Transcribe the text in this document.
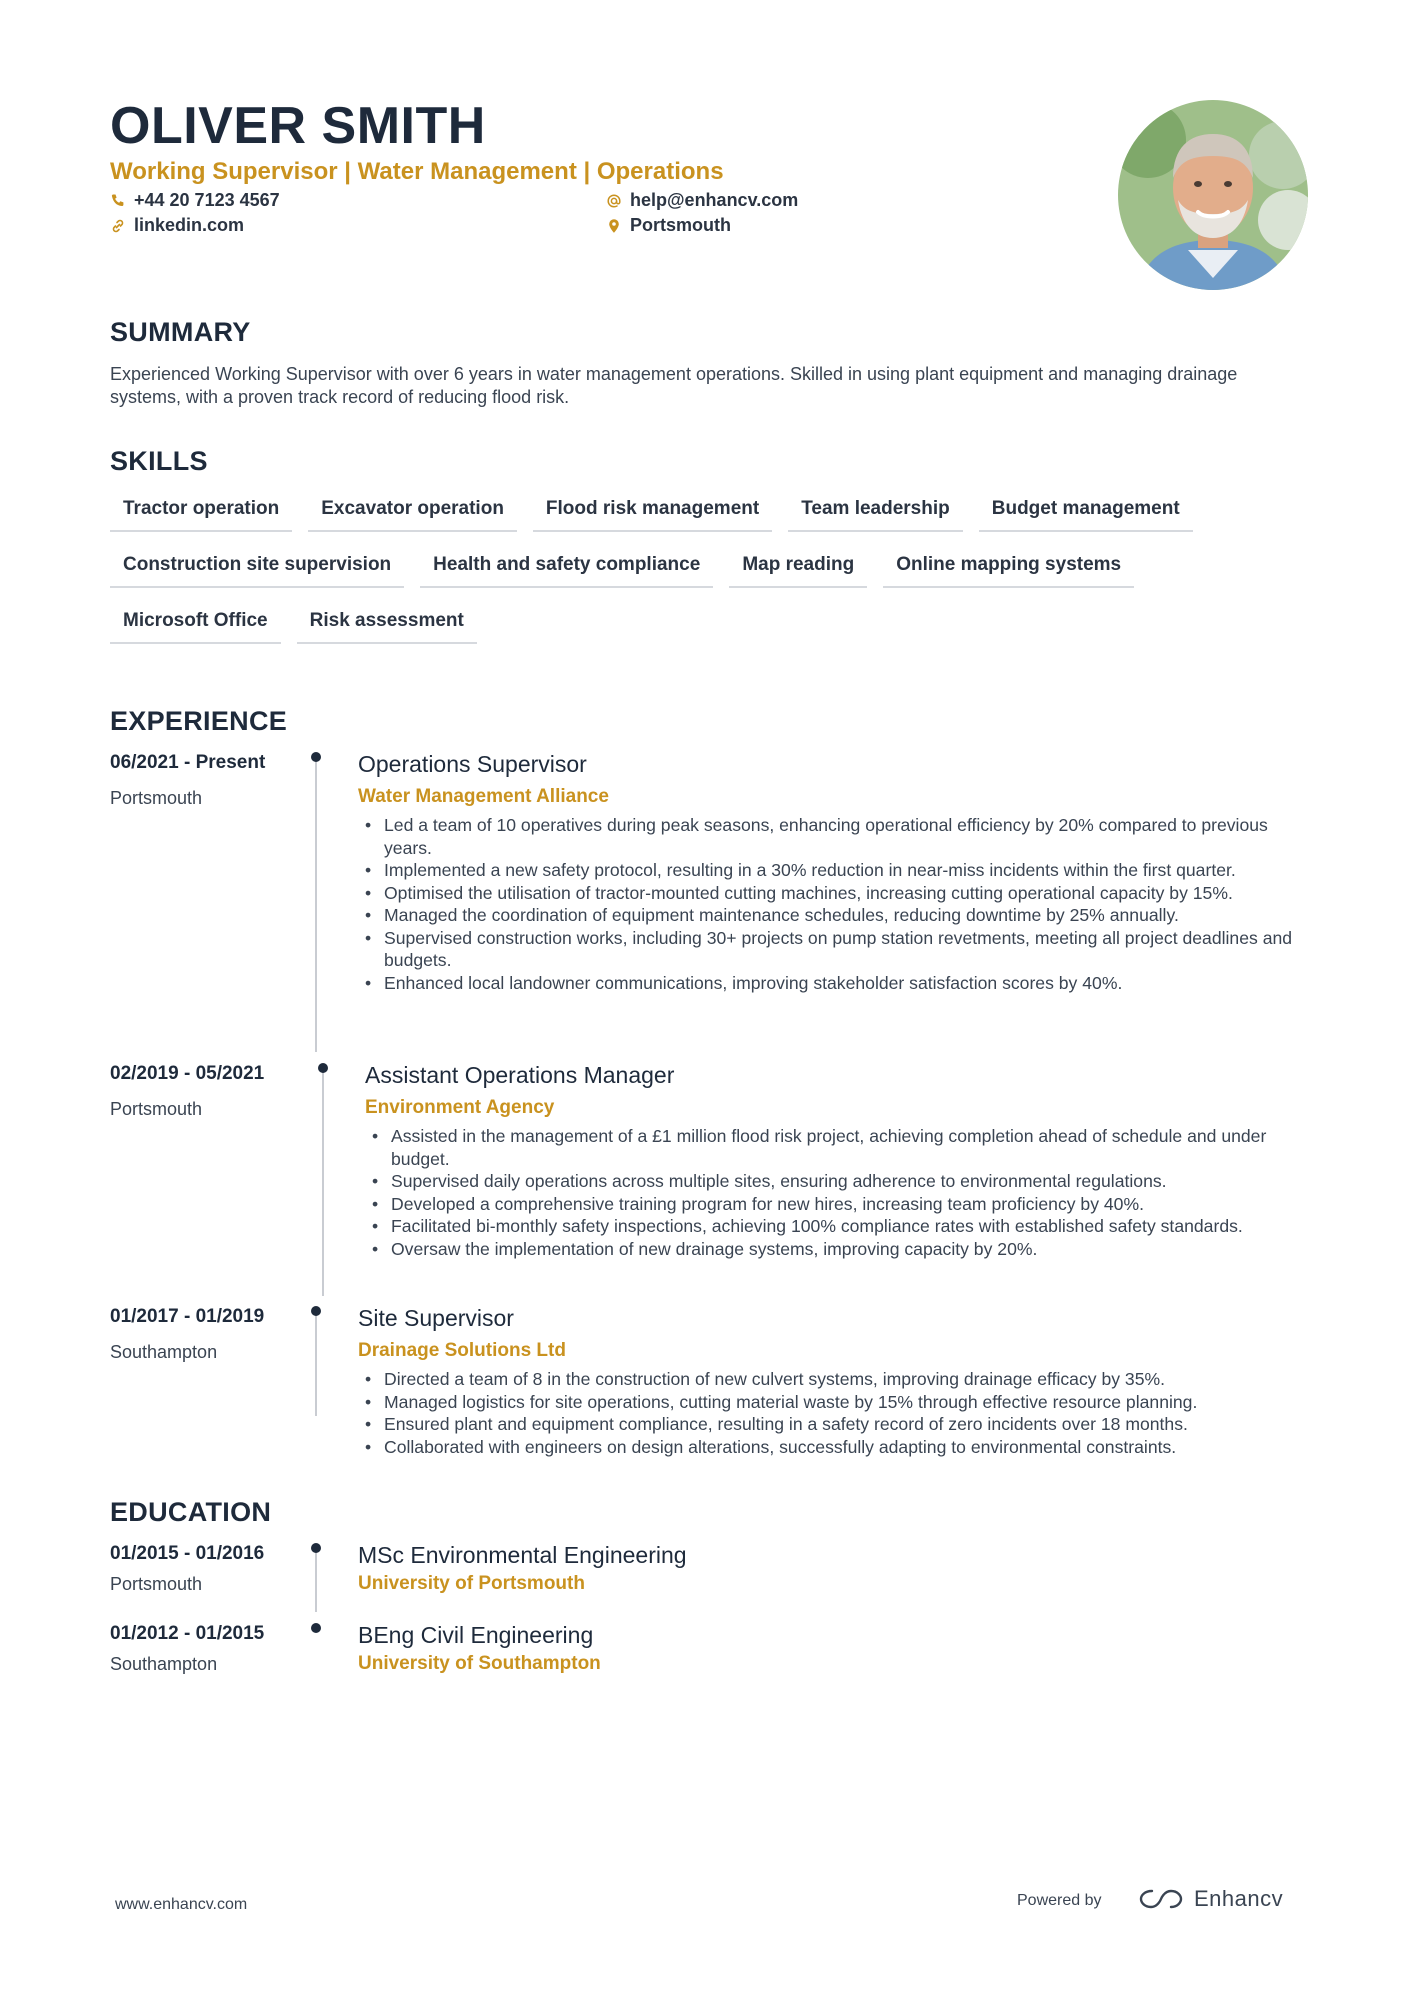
OLIVER SMITH
Working Supervisor | Water Management | Operations
+44 20 7123 4567
linkedin.com
help@enhancv.com
Portsmouth
SUMMARY
Experienced Working Supervisor with over 6 years in water management operations. Skilled in using plant equipment and managing drainage systems, with a proven track record of reducing flood risk.
SKILLS
Tractor operation	Excavator operation	Flood risk management	Team leadership	Budget management
Construction site supervision	Health and safety compliance	Map reading	Online mapping systems
Microsoft Office	Risk assessment
EXPERIENCE
06/2021 - Present
Portsmouth
Operations Supervisor
Water Management Alliance
• Led a team of 10 operatives during peak seasons, enhancing operational efficiency by 20% compared to previous years.
• Implemented a new safety protocol, resulting in a 30% reduction in near-miss incidents within the first quarter.
• Optimised the utilisation of tractor-mounted cutting machines, increasing cutting operational capacity by 15%.
• Managed the coordination of equipment maintenance schedules, reducing downtime by 25% annually.
• Supervised construction works, including 30+ projects on pump station revetments, meeting all project deadlines and budgets.
• Enhanced local landowner communications, improving stakeholder satisfaction scores by 40%.
02/2019 - 05/2021
Portsmouth
Assistant Operations Manager
Environment Agency
• Assisted in the management of a £1 million flood risk project, achieving completion ahead of schedule and under budget.
• Supervised daily operations across multiple sites, ensuring adherence to environmental regulations.
• Developed a comprehensive training program for new hires, increasing team proficiency by 40%.
• Facilitated bi-monthly safety inspections, achieving 100% compliance rates with established safety standards.
• Oversaw the implementation of new drainage systems, improving capacity by 20%.
01/2017 - 01/2019
Southampton
Site Supervisor
Drainage Solutions Ltd
• Directed a team of 8 in the construction of new culvert systems, improving drainage efficacy by 35%.
• Managed logistics for site operations, cutting material waste by 15% through effective resource planning.
• Ensured plant and equipment compliance, resulting in a safety record of zero incidents over 18 months.
• Collaborated with engineers on design alterations, successfully adapting to environmental constraints.
EDUCATION
01/2015 - 01/2016
Portsmouth
MSc Environmental Engineering
University of Portsmouth
01/2012 - 01/2015
Southampton
BEng Civil Engineering
University of Southampton
www.enhancv.com	Powered by	Enhancv
